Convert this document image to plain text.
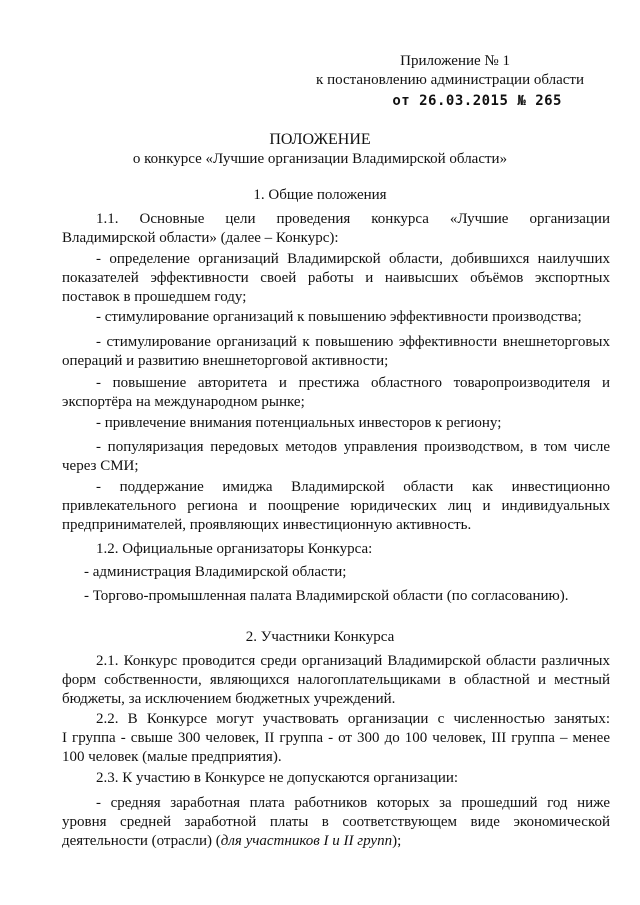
Приложение № 1
к постановлению администрации области
от 26.03.2015 № 265
ПОЛОЖЕНИЕ
о конкурсе «Лучшие организации Владимирской области»
1. Общие положения
1.1. Основные цели проведения конкурса «Лучшие организации
Владимирской области» (далее – Конкурс):
- определение организаций Владимирской области, добившихся наилучших
показателей эффективности своей работы и наивысших объёмов экспортных поставок в прошедшем году;
- стимулирование организаций к повышению эффективности производства;
- стимулирование организаций к повышению эффективности внешнеторговых
операций и развитию внешнеторговой активности;
- повышение авторитета и престижа областного товаропроизводителя и
экспортёра на международном рынке;
- привлечение внимания потенциальных инвесторов к региону;
- популяризация передовых методов управления производством, в том числе
через СМИ;
- поддержание имиджа Владимирской области как инвестиционно
привлекательного региона и поощрение юридических лиц и индивидуальных предпринимателей, проявляющих инвестиционную активность.
1.2. Официальные организаторы Конкурса:
- администрация Владимирской области;
- Торгово-промышленная палата Владимирской области (по согласованию).
2. Участники Конкурса
2.1. Конкурс проводится среди организаций Владимирской области различных
форм собственности, являющихся налогоплательщиками в областной и местный бюджеты, за исключением бюджетных учреждений.
2.2. В Конкурсе могут участвовать организации с численностью занятых:
I группа - свыше 300 человек, II группа - от 300 до 100 человек, III группа – менее 100 человек (малые предприятия).
2.3. К участию в Конкурсе не допускаются организации:
- средняя заработная плата работников которых за прошедший год ниже
уровня средней заработной платы в соответствующем виде экономической деятельности (отрасли) (для участников I и II групп);
